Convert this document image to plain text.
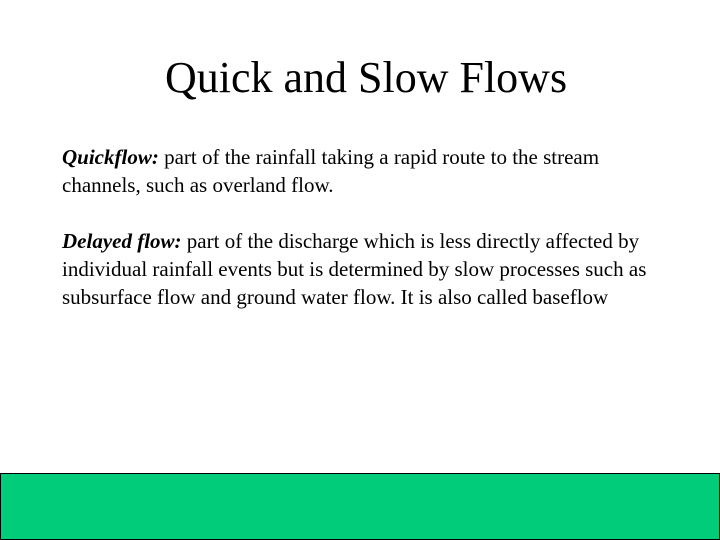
Quick and Slow Flows

Quickflow: part of the rainfall taking a rapid route to the stream channels, such as overland flow.

Delayed flow: part of the discharge which is less directly affected by individual rainfall events but is determined by slow processes such as subsurface flow and ground water flow. It is also called baseflow
